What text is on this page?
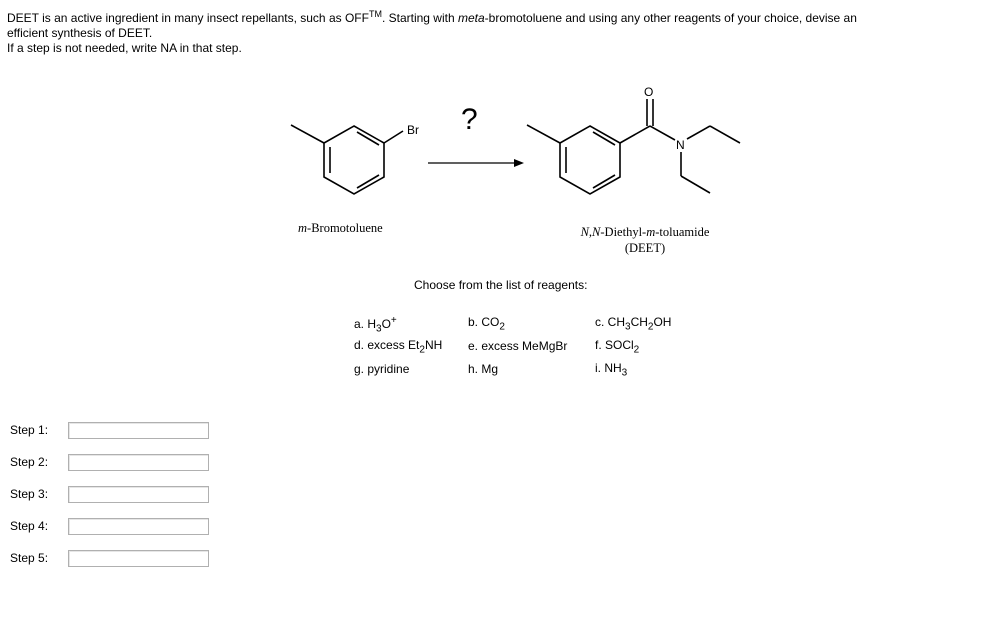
DEET is an active ingredient in many insect repellants, such as OFF™. Starting with meta-bromotoluene and using any other reagents of your choice, devise an

efficient synthesis of DEET.

If a step is not needed, write NA in that step.

Br
O
N
?
m-Bromotoluene	N,N-Diethyl-m-toluamide
(DEET)
Choose from the list of reagents:
a. $H_3O^+$	b. $CO_2$	c. $CH_3CH_2OH$
d. excess $Et_2NH$ e. excess MeMgBr f. SOCl$_2$
g. pyridine	h. Mg	i. $NH_3$
Step 1:
Step 2:
Step 3:
Step 4:
Step 5:
